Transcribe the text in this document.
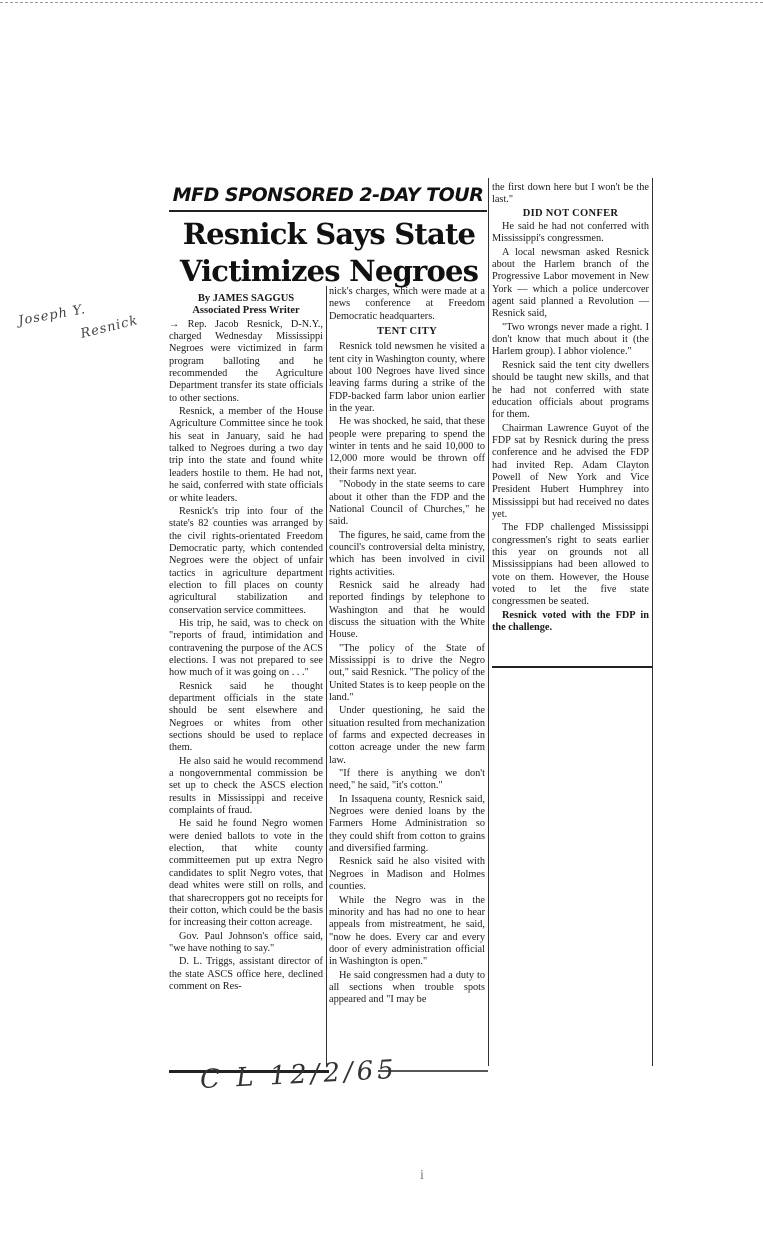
Joseph Y.
Resnick
MFD SPONSORED 2-DAY TOUR
Resnick Says State
Victimizes Negroes
By JAMES SAGGUS
Associated Press Writer

→ Rep. Jacob Resnick, D-N.Y., charged Wednesday Mississippi Negroes were victimized in farm program balloting and he recommended the Agriculture Department transfer its state officials to other sections.

Resnick, a member of the House Agriculture Committee since he took his seat in January, said he had talked to Negroes during a two day trip into the state and found white leaders hostile to them. He had not, he said, conferred with state officials or white leaders.

Resnick's trip into four of the state's 82 counties was arranged by the civil rights-orientated Freedom Democratic party, which contended Negroes were the object of unfair tactics in agriculture department election to fill places on county agricultural stabilization and conservation service committees.

His trip, he said, was to check on "reports of fraud, intimidation and contravening the purpose of the ACS elections. I was not prepared to see how much of it was going on . . ."

Resnick said he thought department officials in the state should be sent elsewhere and Negroes or whites from other sections should be used to replace them.

He also said he would recommend a nongovernmental commission be set up to check the ASCS election results in Mississippi and receive complaints of fraud.

He said he found Negro women were denied ballots to vote in the election, that white county committeemen put up extra Negro candidates to split Negro votes, that dead whites were still on rolls, and that sharecroppers got no receipts for their cotton, which could be the basis for increasing their cotton acreage.

Gov. Paul Johnson's office said, "we have nothing to say."

D. L. Triggs, assistant director of the state ASCS office here, declined comment on Res-

nick's charges, which were made at a news conference at Freedom Democratic headquarters.

TENT CITY

Resnick told newsmen he visited a tent city in Washington county, where about 100 Negroes have lived since leaving farms during a strike of the FDP-backed farm labor union earlier in the year.

He was shocked, he said, that these people were preparing to spend the winter in tents and he said 10,000 to 12,000 more would be thrown off their farms next year.

"Nobody in the state seems to care about it other than the FDP and the National Council of Churches," he said.

The figures, he said, came from the council's controversial delta ministry, which has been involved in civil rights activities.

Resnick said he already had reported findings by telephone to Washington and that he would discuss the situation with the White House.

"The policy of the State of Mississippi is to drive the Negro out," said Resnick. "The policy of the United States is to keep people on the land."

Under questioning, he said the situation resulted from mechanization of farms and expected decreases in cotton acreage under the new farm law.

"If there is anything we don't need," he said, "it's cotton."

In Issaquena county, Resnick said, Negroes were denied loans by the Farmers Home Administration so they could shift from cotton to grains and diversified farming.

Resnick said he also visited with Negroes in Madison and Holmes counties.

While the Negro was in the minority and has had no one to hear appeals from mistreatment, he said, "now he does. Every car and every door of every administration official in Washington is open."

He said congressmen had a duty to all sections when trouble spots appeared and "I may be

the first down here but I won't be the last."

DID NOT CONFER

He said he had not conferred with Mississippi's congressmen.

A local newsman asked Resnick about the Harlem branch of the Progressive Labor movement in New York — which a police undercover agent said planned a Revolution — Resnick said,

"Two wrongs never made a right. I don't know that much about it (the Harlem group). I abhor violence."

Resnick said the tent city dwellers should be taught new skills, and that he had not conferred with state education officials about programs for them.

Chairman Lawrence Guyot of the FDP sat by Resnick during the press conference and he advised the FDP had invited Rep. Adam Clayton Powell of New York and Vice President Hubert Humphrey into Mississippi but had received no dates yet.

The FDP challenged Mississippi congressmen's right to seats earlier this year on grounds not all Mississippians had been allowed to vote on them. However, the House voted to let the five state congressmen be seated.

Resnick voted with the FDP in the challenge.

C L 12/2/65
i
